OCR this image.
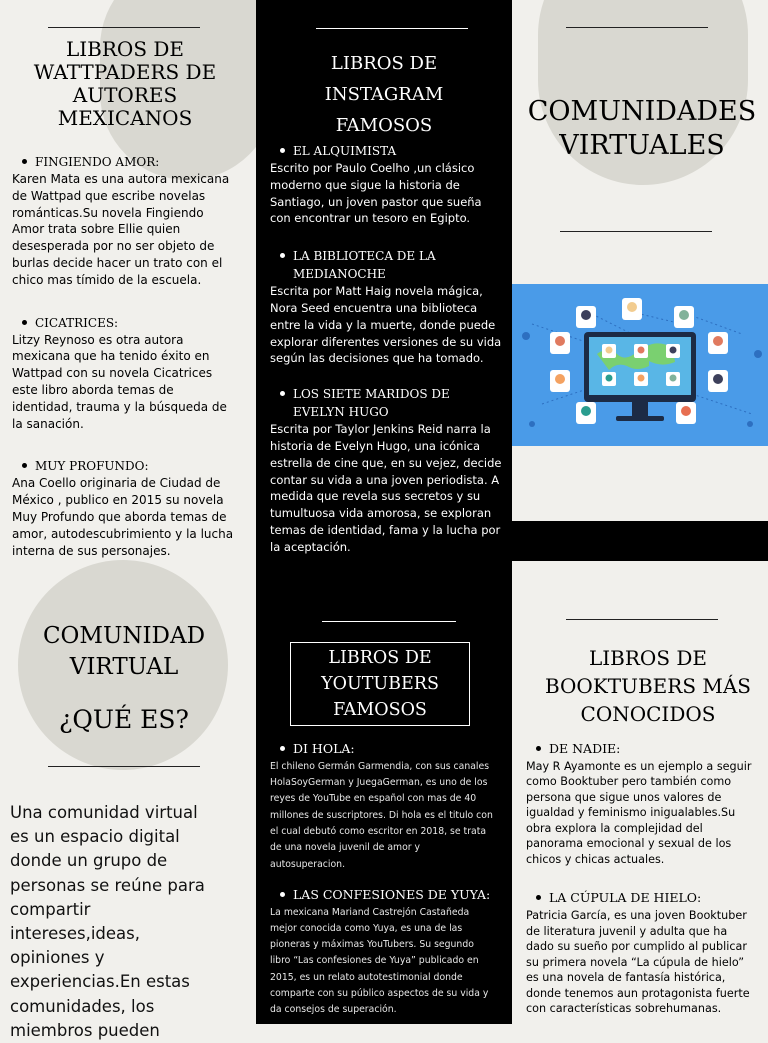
LIBROS DE WATTPADERS DE AUTORES MEXICANOS
FINGIENDO AMOR:
Karen Mata es una autora mexicana de Wattpad que escribe novelas románticas.Su novela Fingiendo Amor trata sobre Ellie quien desesperada por no ser objeto de burlas decide hacer un trato con el chico mas tímido de la escuela.
CICATRICES:
Litzy Reynoso es otra autora mexicana que ha tenido éxito en Wattpad con su novela Cicatrices este libro aborda temas de identidad, trauma y la búsqueda de la sanación.
MUY PROFUNDO:
Ana Coello originaria de Ciudad de México , publico en 2015 su novela Muy Profundo que aborda temas de amor, autodescubrimiento y la lucha interna de sus personajes.
COMUNIDAD VIRTUAL
¿QUÉ ES?
Una comunidad virtual es un espacio digital donde un grupo de personas se reúne para compartir intereses,ideas, opiniones y experiencias.En estas comunidades, los miembros pueden
LIBROS DE INSTAGRAM FAMOSOS
EL ALQUIMISTA
Escrito por Paulo Coelho ,un clásico moderno que sigue la historia de Santiago, un joven pastor que sueña con encontrar un tesoro en Egipto.
LA BIBLIOTECA DE LA MEDIANOCHE
Escrita por Matt Haig novela mágica, Nora Seed encuentra una biblioteca entre la vida y la muerte, donde puede explorar diferentes versiones de su vida según las decisiones que ha tomado.
LOS SIETE MARIDOS DE EVELYN HUGO
Escrita por Taylor Jenkins Reid narra la historia de Evelyn Hugo, una icónica estrella de cine que, en su vejez, decide contar su vida a una joven periodista. A medida que revela sus secretos y su tumultuosa vida amorosa, se exploran temas de identidad, fama y la lucha por la aceptación.
LIBROS DE YOUTUBERS FAMOSOS
DI HOLA:
El chileno Germán Garmendia, con sus canales HolaSoyGerman y JuegaGerman, es uno de los reyes de YouTube en español con mas de 40 millones de suscriptores. Di hola es el titulo con el cual debutó como escritor en 2018, se trata de una novela juvenil de amor y autosuperacion.
LAS CONFESIONES DE YUYA:
La mexicana Mariand Castrejón Castañeda mejor conocida como Yuya, es una de las pioneras y máximas YouTubers. Su segundo libro “Las confesiones de Yuya” publicado en 2015, es un relato autotestimonial donde comparte con su público aspectos de su vida y da consejos de superación.
COMUNIDADES VIRTUALES
LIBROS DE BOOKTUBERS MÁS CONOCIDOS
DE NADIE:
May R Ayamonte es un ejemplo a seguir como Booktuber pero también como persona que sigue unos valores de igualdad y feminismo inigualables.Su obra explora la complejidad del panorama emocional y sexual de los chicos y chicas actuales.
LA CÚPULA DE HIELO:
Patricia García, es una joven Booktuber de literatura juvenil y adulta que ha dado su sueño por cumplido al publicar su primera novela “La cúpula de hielo” es una novela de fantasía histórica, donde tenemos aun protagonista fuerte con características sobrehumanas.
